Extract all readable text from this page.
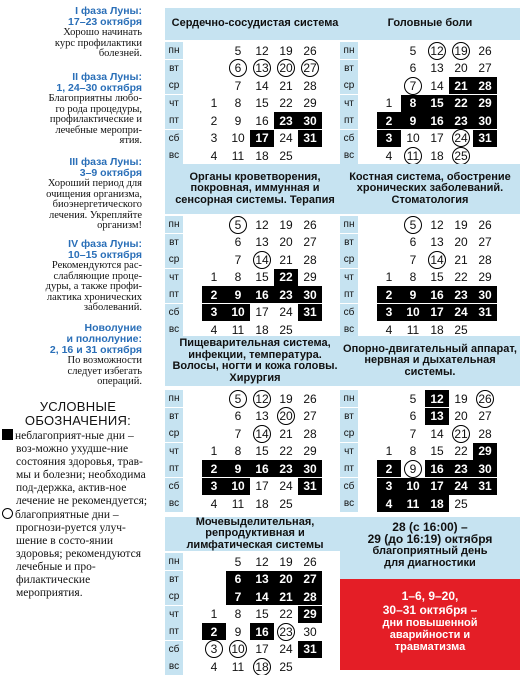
I фаза Луны:
17–23 октября
Хорошо начинать
курс профилактики
болезней.
II фаза Луны:
1, 24–30 октября
Благоприятны любо-
го рода процедуры,
профилактические и
лечебные меропри-
ятия.
III фаза Луны:
3–9 октября
Хороший период для
очищения организма,
биоэнергетического
лечения. Укрепляйте
организм!
IV фаза Луны:
10–15 октября
Рекомендуются рас-
слабляющие проце-
дуры, а также профи-
лактика хронических
заболеваний.
Новолуние
и полнолуние:
2, 16 и 31 октября
По возможности
следует избегать
операций.
УСЛОВНЫЕ
ОБОЗНАЧЕНИЯ:
неблагоприят-ные дни – воз-можно ухудше-ние состояния здоровья, трав-мы и болезни; необходима под-держка, актив-ное лечение не рекомендуется;
благоприятные дни – прогнози-руется улуч-шение в состо-янии здоровья; рекомендуются лечебные и про-филактические мероприятия.
Сердечно-сосудистая система
пн	5 12 19 26
вт	6	13 20 27
ср	7 14 21 28
чт	1 8 15 22 29
пт	2 9 16 23 30
сб	3 10 17 24 31
вс	4 11 18 25
Головные боли
пн	5 12 19 26
вт	6 13 20 27
ср	7	14 21 28
чт	1 8 15 22 29
пт	2 9 16 23 30
сб	3 10 17 24 31
вс	4 11 18 25
Органы кроветворения, покровная, иммунная и сенсорная системы. Терапия
пн	5	12 19 26
вт	6 13 20 27
ср	7 14 21 28
чт	1 8 15 22 29
пт	2 9 16 23 30
сб	3 10 17 24 31
вс	4 11 18 25
Костная система, обострение хронических заболеваний. Стоматология
пн	5	12 19 26
вт	6 13 20 27
ср	7 14 21 28
чт	1 8 15 22 29
пт	2 9 16 23 30
сб	3 10 17 24 31
вс	4 11 18 25
Пищеварительная система, инфекции, температура. Волосы, ногти и кожа головы. Хирургия
пн	5	12 19 26
вт	6 13 20 27
ср	7 14 21 28
чт	1 8 15 22 29
пт	2 9 16 23 30
сб	3 10 17 24 31
вс	4 11 18 25
Опорно-двигательный аппарат, нервная и дыхательная системы.
пн	5 12 19 26
вт	6 13 20 27
ср	7 14 21 28
чт	1 8 15 22 29
пт	2	9	16 23 30
сб	3 10 17 24 31
вс	4 11 18 25
Мочевыделительная, репродуктивная и лимфатическая системы
пн	5 12 19 26
вт	6 13 20 27
ср	7 14 21 28
чт	1 8 15 22 29
пт	2 9 16 23 30
сб	3	10 17 24 31
вс	4 11 18 25
28 (с 16:00) –
29 (до 16:19) октября
благоприятный день
для диагностики
1–6, 9–20,
30–31 октября –
дни повышенной
аварийности и
травматизма
